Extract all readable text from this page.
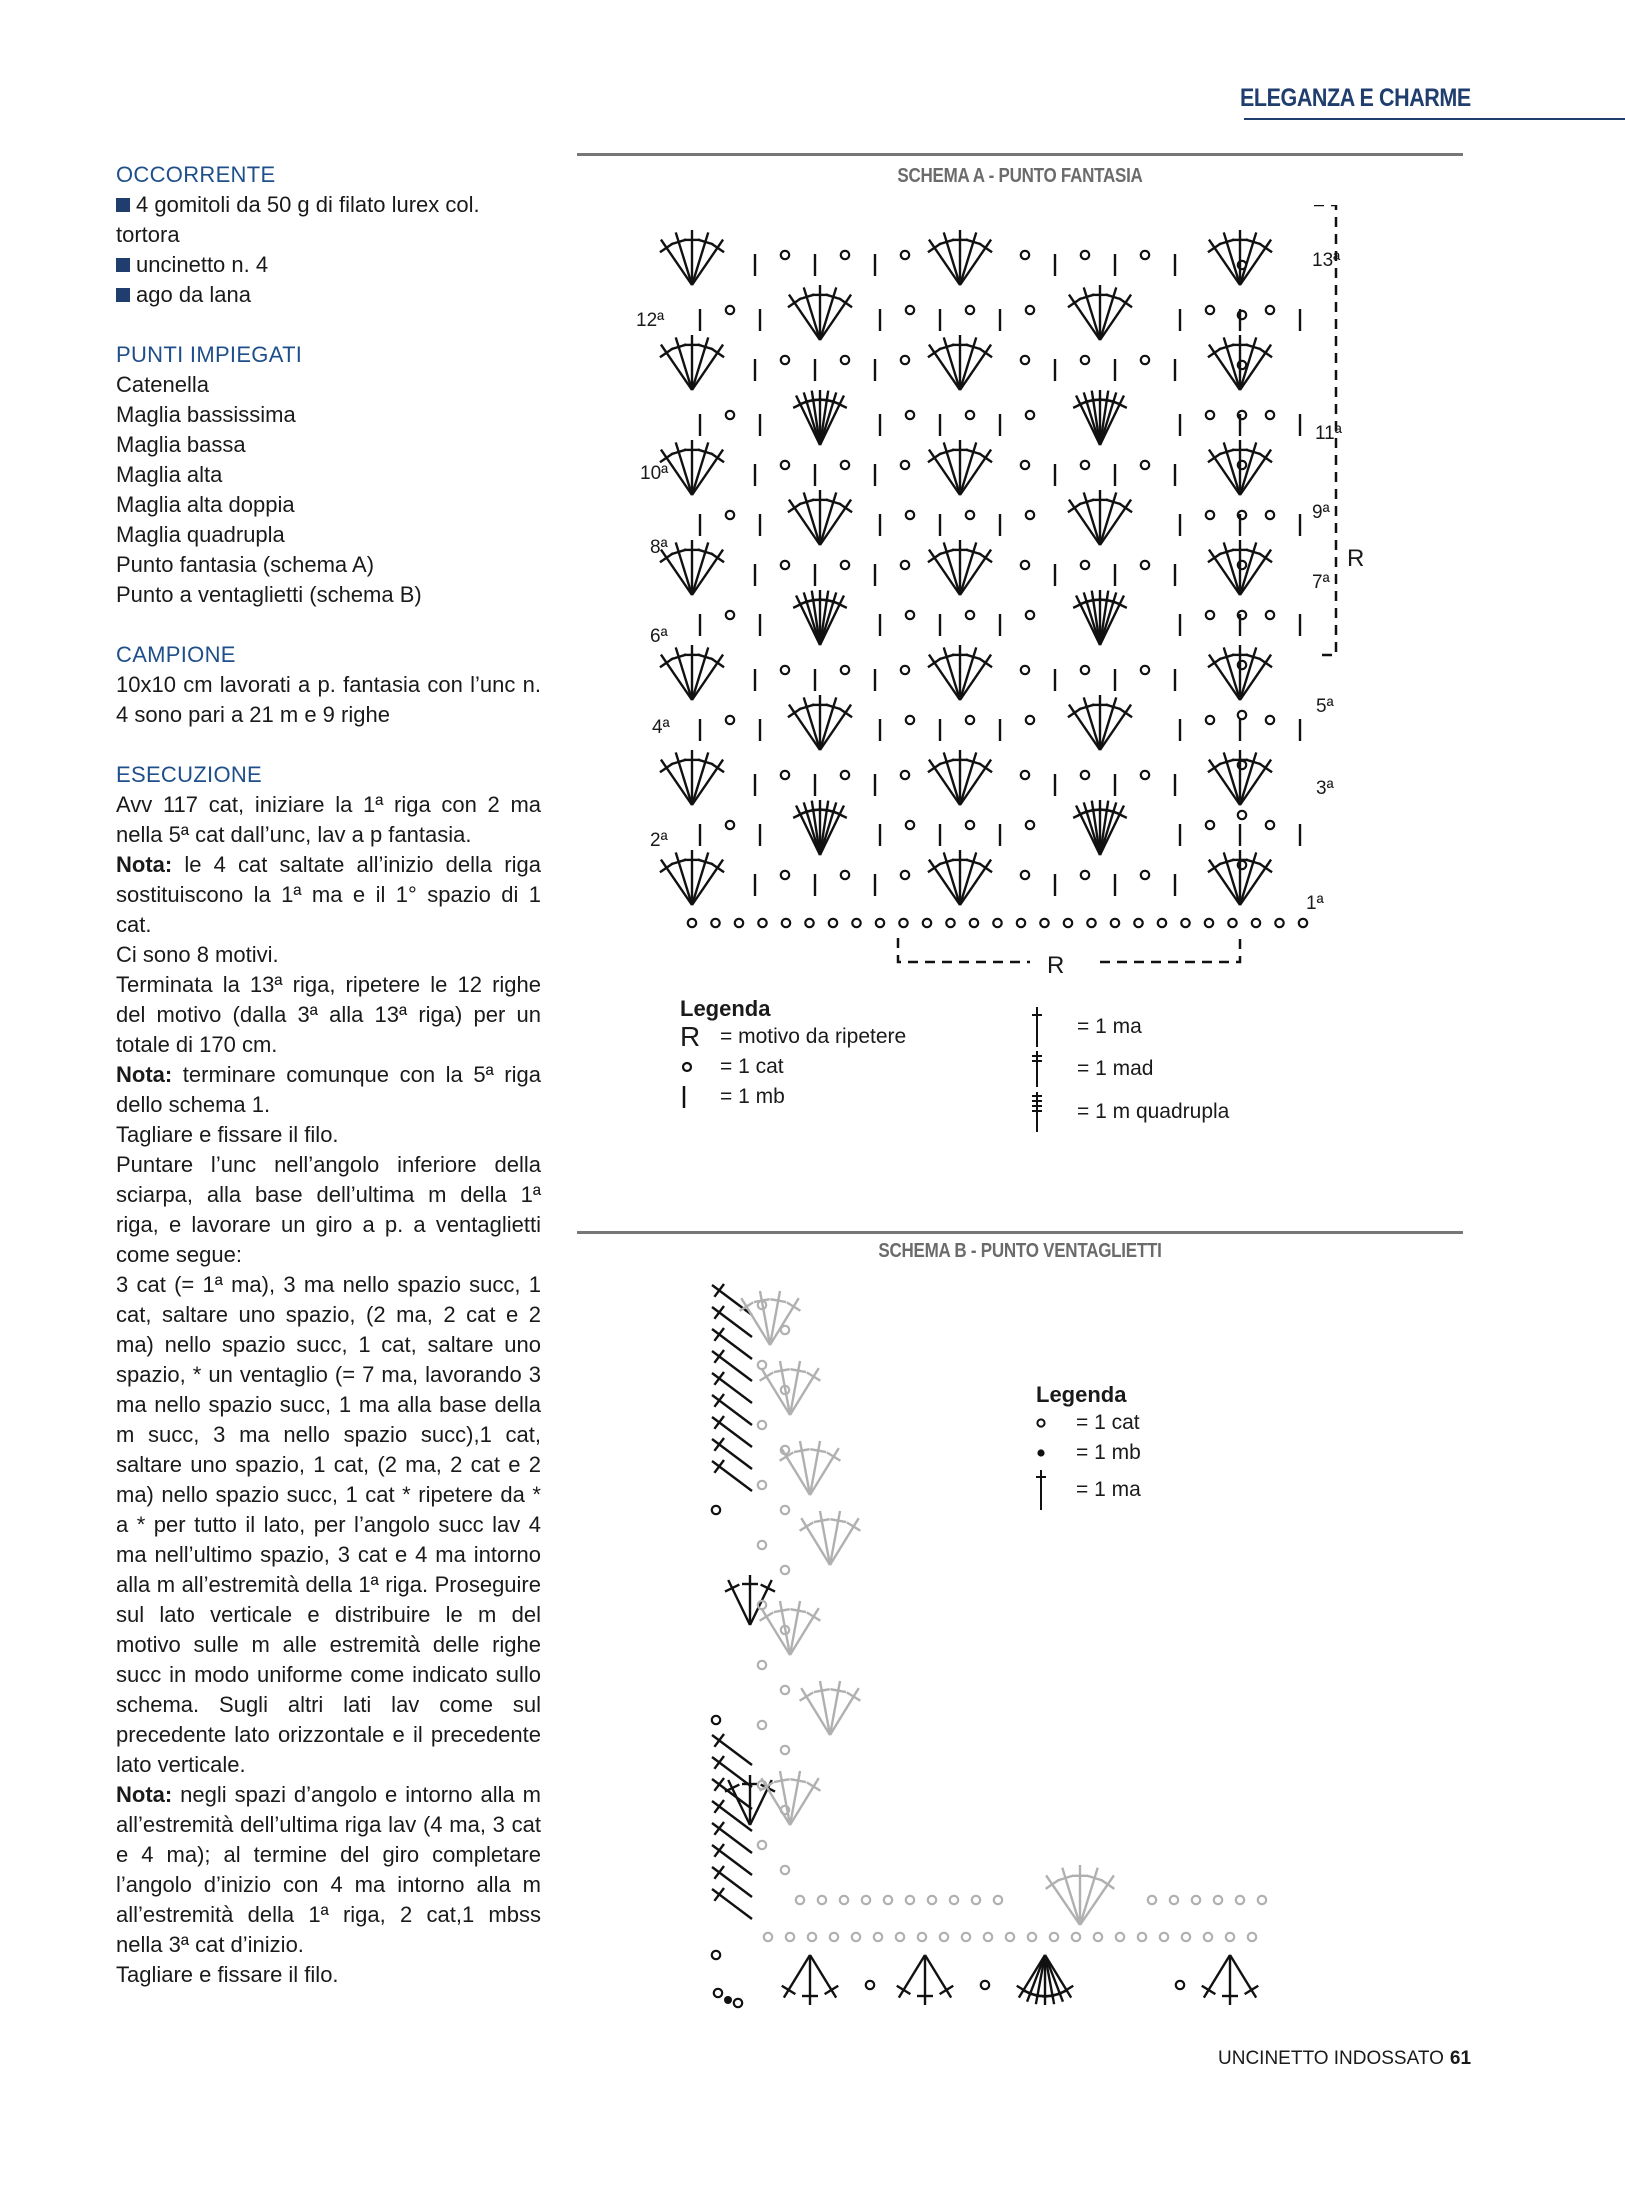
ELEGANZA E CHARME
OCCORRENTE
4 gomitoli da 50 g di filato lurex col. tortora
uncinetto n. 4
ago da lana
PUNTI IMPIEGATI
Catenella
Maglia bassissima
Maglia bassa
Maglia alta
Maglia alta doppia
Maglia quadrupla
Punto fantasia (schema A)
Punto a ventaglietti (schema B)
CAMPIONE
10x10 cm lavorati a p. fantasia con l’unc n. 4 sono pari a 21 m e 9 righe
ESECUZIONE
Avv 117 cat, iniziare la 1ª riga con 2 ma nella 5ª cat dall’unc, lav a p fantasia.
Nota: le 4 cat saltate all’inizio della riga sostituiscono la 1ª ma e il 1° spazio di 1 cat.
Ci sono 8 motivi.
Terminata la 13ª riga, ripetere le 12 righe del motivo (dalla 3ª alla 13ª riga) per un totale di 170 cm.
Nota: terminare comunque con la 5ª riga dello schema 1.
Tagliare e fissare il filo.
Puntare l’unc nell’angolo inferiore della sciarpa, alla base dell’ultima m della 1ª riga, e lavorare un giro a p. a ventaglietti come segue:
3 cat (= 1ª ma), 3 ma nello spazio succ, 1 cat, saltare uno spazio, (2 ma, 2 cat e 2 ma) nello spazio succ, 1 cat, saltare uno spazio, * un ventaglio (= 7 ma, lavorando 3 ma nello spazio succ, 1 ma alla base della m succ, 3 ma nello spazio succ),1 cat, saltare uno spazio, 1 cat, (2 ma, 2 cat e 2 ma) nello spazio succ, 1 cat * ripetere da * a * per tutto il lato, per l’angolo succ lav 4 ma nell’ultimo spazio, 3 cat e 4 ma intorno alla m all’estremità della 1ª riga. Proseguire sul lato verticale e distribuire le m del motivo sulle m alle estremità delle righe succ in modo uniforme come indicato sullo schema. Sugli altri lati lav come sul precedente lato orizzontale e il precedente lato verticale.
Nota: negli spazi d’angolo e intorno alla m all’estremità dell’ultima riga lav (4 ma, 3 cat e 4 ma); al termine del giro completare l’angolo d’inizio con 4 ma intorno alla m all’estremità della 1ª riga, 2 cat,1 mbss nella 3ª cat d’inizio.
Tagliare e fissare il filo.
SCHEMA A - PUNTO FANTASIA
12ª
10ª
8ª
6ª
4ª
2ª
13ª
11ª
9ª
7ª
5ª
3ª
1ª
R
R
Legenda
R = motivo da ripetere
= 1 cat
= 1 mb
= 1 ma
= 1 mad
= 1 m quadrupla
SCHEMA B - PUNTO VENTAGLIETTI
Legenda
= 1 cat
= 1 mb
= 1 ma
UNCINETTO INDOSSATO 61
